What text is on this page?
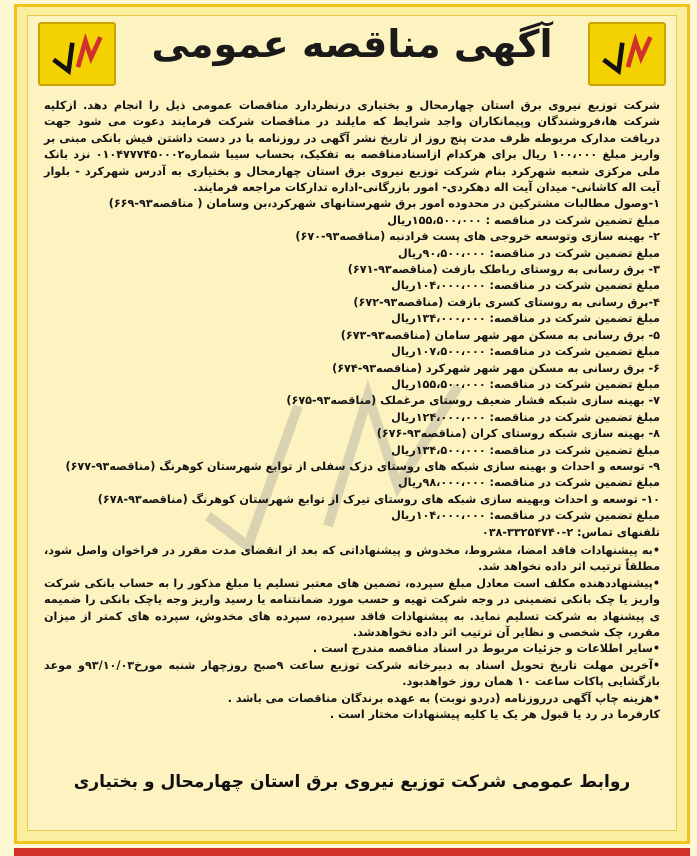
آگهی مناقصه عمومی

شرکت توزیع نیروی برق استان چهارمحال و بختیاری درنظردارد مناقصات عمومی ذیل را انجام دهد. ازکلیه شرکت ها،فروشندگان وپیمانکاران واجد شرایط که مایلند در مناقصات شرکت فرمایند دعوت می شود جهت دریافت مدارک مربوطه ظرف مدت پنج روز از تاریخ نشر آگهی در روزنامه با در دست داشتن فیش بانکی مبنی بر واریز مبلغ ۱۰۰،۰۰۰ ریال برای هرکدام ازاسنادمناقصه به تفکیک، بحساب سیبا شماره۰۱۰۴۷۷۷۴۵۰۰۰۲ نزد بانک ملی مرکزی شعبه شهرکرد بنام شرکت توزیع نیروی برق استان چهارمحال و بختیاری به آدرس شهرکرد - بلوار آیت اله کاشانی- میدان آیت اله دهکردی- امور بازرگانی-اداره تدارکات مراجعه فرمایند.

۱-وصول مطالبات مشترکین در محدوده امور برق شهرستانهای شهرکرد،بن وسامان ( مناقصه۹۳-۶۶۹)
مبلغ تضمین شرکت در مناقصه : ۱۵۵،۵۰۰،۰۰۰ریال
۲- بهینه سازی وتوسعه خروجی های پست فرادنبه (مناقصه۹۳-۶۷۰)
مبلغ تضمین شرکت در مناقصه: ۹۰،۵۰۰،۰۰۰ریال
۳- برق رسانی به روستای رباطک بازفت (مناقصه۹۳-۶۷۱)
مبلغ تضمین شرکت در مناقصه: ۱۰۴،۰۰۰،۰۰۰ریال
۴-برق رسانی به روستای کسری بازفت (مناقصه۹۳-۶۷۲)
مبلغ تضمین شرکت در مناقصه: ۱۳۴،۰۰۰،۰۰۰ریال
۵- برق رسانی به مسکن مهر شهر سامان (مناقصه۹۳-۶۷۳)
مبلغ تضمین شرکت در مناقصه: ۱۰۷،۵۰۰،۰۰۰ریال
۶- برق رسانی به مسکن مهر شهر شهرکرد (مناقصه۹۳-۶۷۴)
مبلغ تضمین شرکت در مناقصه: ۱۵۵،۵۰۰،۰۰۰ریال
۷- بهینه سازی شبکه فشار ضعیف روستای مرغملک (مناقصه۹۳-۶۷۵)
مبلغ تضمین شرکت در مناقصه: ۱۲۴،۰۰۰،۰۰۰ریال
۸- بهینه سازی شبکه روستای کران (مناقصه۹۳-۶۷۶)
مبلغ تضمین شرکت در مناقصه: ۱۳۴،۵۰۰،۰۰۰ریال
۹- توسعه و احداث و بهینه سازی شبکه های روستای دزک سفلی از توابع شهرستان کوهرنگ (مناقصه۹۳-۶۷۷)
مبلغ تضمین شرکت در مناقصه: ۹۸،۰۰۰،۰۰۰ریال
۱۰- توسعه و احداث وبهینه سازی شبکه های روستای تیرک از توابع شهرستان کوهرنگ (مناقصه۹۳-۶۷۸)
مبلغ تضمین شرکت در مناقصه: ۱۰۴،۰۰۰،۰۰۰ریال
تلفنهای تماس: ۲-۳۳۲۵۴۷۴۰-۰۳۸

•به پیشنهادات فاقد امضا، مشروط، مخدوش و پیشنهاداتی که بعد از انقضای مدت مقرر در فراخوان واصل شود، مطلقاً ترتیب اثر داده نخواهد شد.

•پیشنهاددهنده مکلف است معادل مبلغ سپرده، تضمین های معتبر تسلیم یا مبلغ مذکور را به حساب بانکی شرکت واریز یا چک بانکی تضمینی در وجه شرکت تهیه و حسب مورد ضمانتنامه یا رسید واریز وجه یاچک بانکی را ضمیمه ی پیشنهاد به شرکت تسلیم نماید. به پیشنهادات فاقد سپرده، سپرده های مخدوش، سپرده های کمتر از میزان مقرر، چک شخصی و نظایر آن ترتیب اثر داده نخواهدشد.

•سایر اطلاعات و جزئیات مربوط در اسناد مناقصه مندرج است .

•آخرین مهلت تاریخ تحویل اسناد به دبیرخانه شرکت توزیع ساعت ۹صبح روزچهار شنبه مورخ۹۳/۱۰/۰۳و موعد بازگشایی پاکات ساعت ۱۰ همان روز خواهدبود.

•هزینه چاپ آگهی درروزنامه (دردو نوبت) به عهده برندگان مناقصات می باشد .

کارفرما در رد یا قبول هر یک یا کلیه پیشنهادات مختار است .

روابط عمومی شرکت توزیع نیروی برق استان چهارمحال و بختیاری
